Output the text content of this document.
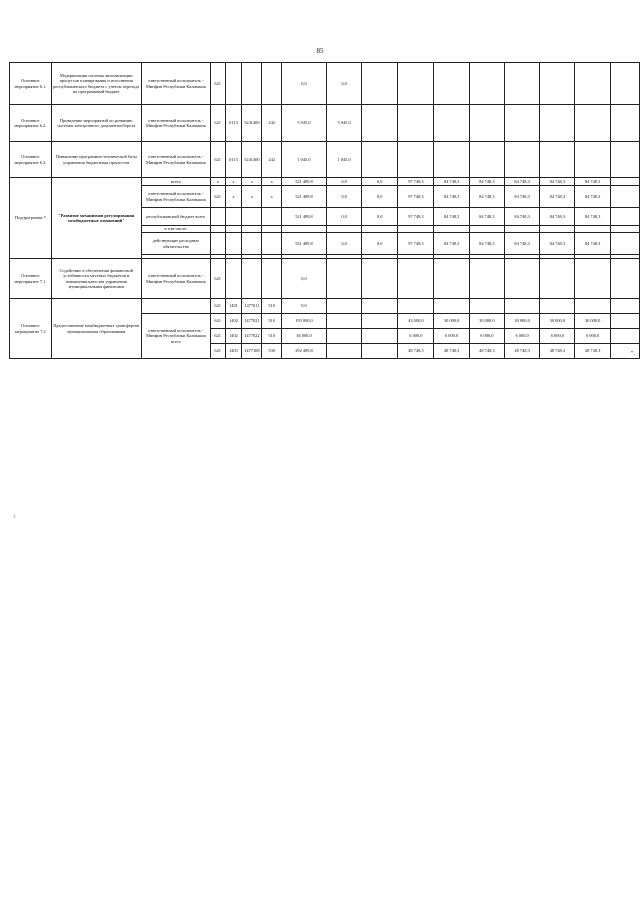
85
Основное мероприятие 6.1.	Модернизация системы автоматизации процессов планирования и исполнения республиканского бюджета с учетом перехода на программный бюджет	ответственный исполнитель - Минфин Республики Калмыкия	621				0,0	0,0								
Основное мероприятие 6.2.	Проведение мероприятий по развитию системы электронного документооборота	ответственный исполнитель - Минфин Республики Калмыкия	621	0113	5241400	242	5 945,0	5 945,0								
Основное мероприятие 6.3.	Повышение программно-технической базы управления бюджетным процессом	ответственный исполнитель - Минфин Республики Калмыкия	621	0113	5241400	242	1 045,0	1 045,0								
Подпрограмма 7	"Развитие механизмов регулирования межбюджетных отношений"	всего	х	х	х	х	521 489,8	0,0	0,0	97 748,3	84 748,3	84 748,3	84 748,3	84 748,3	84 748,3	
		ответственный исполнитель - Минфин Республики Калмыкия	621	х	х	х	521 489,8	0,0	0,0	97 748,3	84 748,3	84 748,3	84 748,3	84 748,3	84 748,3	
		республиканский бюджет всего					521 489,8	0,0	0,0	97 748,3	84 748,3	84 748,3	84 748,3	84 748,3	84 748,3	
		в том числе:														
		действующие расходные обязательства					521 489,8	0,0	0,0	97 748,3	84 748,3	84 748,3	84 748,3	84 748,3	84 748,3	

Основное мероприятие 7.1.	Содействие в обеспечении финансовой устойчивости местных бюджетов и повышения качества управления муниципальными финансами	ответственный исполнитель - Минфин Республики Калмыкия	621				0,0									
Основное мероприятие 7.2	Предоставление межбюджетных трансфертов муниципальным образованиям		621	1401	1477011	510	0,0									
		ответственный исполнитель - Минфин Республики Калмыкия всего	621	1402	1477021	510	193 000,0			43 000,0	30 000,0	30 000,0	30 000,0	30 000,0	30 000,0	
			621	1402	1477022	510	36 000,0			6 000,0	6 000,0	6 000,0	6 000,0	6 000,0	6 000,0	
			621	1403	1477108	530	292 489,8			48 748,3	48 748,3	48 748,3	48 748,3	48 748,3	48 748,3	
".
3
